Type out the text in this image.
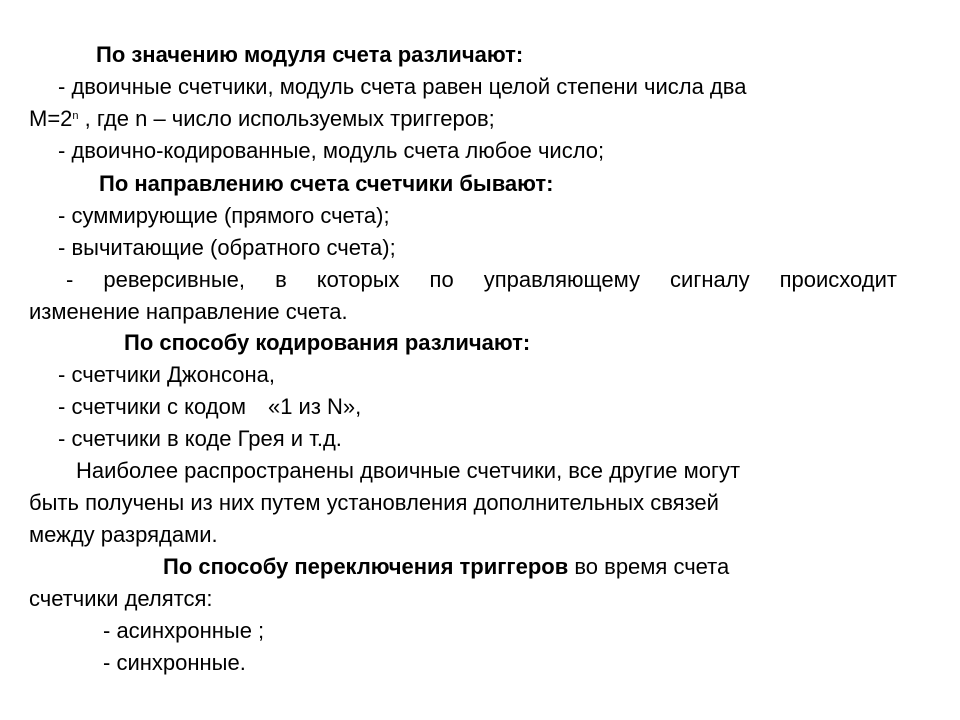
По значению модуля счета различают:
- двоичные счетчики, модуль счета равен целой степени числа два
$М=2^n$ , где n – число используемых триггеров;
- двоично-кодированные, модуль счета любое число;
По направлению счета счетчики бывают:
- суммирующие (прямого счета);
- вычитающие (обратного счета);
- реверсивные, в которых по управляющему сигналу происходит
изменение направление счета.
По способу кодирования различают:
- счетчики Джонсона,
- счетчики с кодом «1 из N»,
- счетчики в коде Грея и т.д.
Наиболее распространены двоичные счетчики, все другие могут
быть получены из них путем установления дополнительных связей
между разрядами.
По способу переключения триггеров во время счета
счетчики делятся:
- асинхронные ;
- синхронные.
